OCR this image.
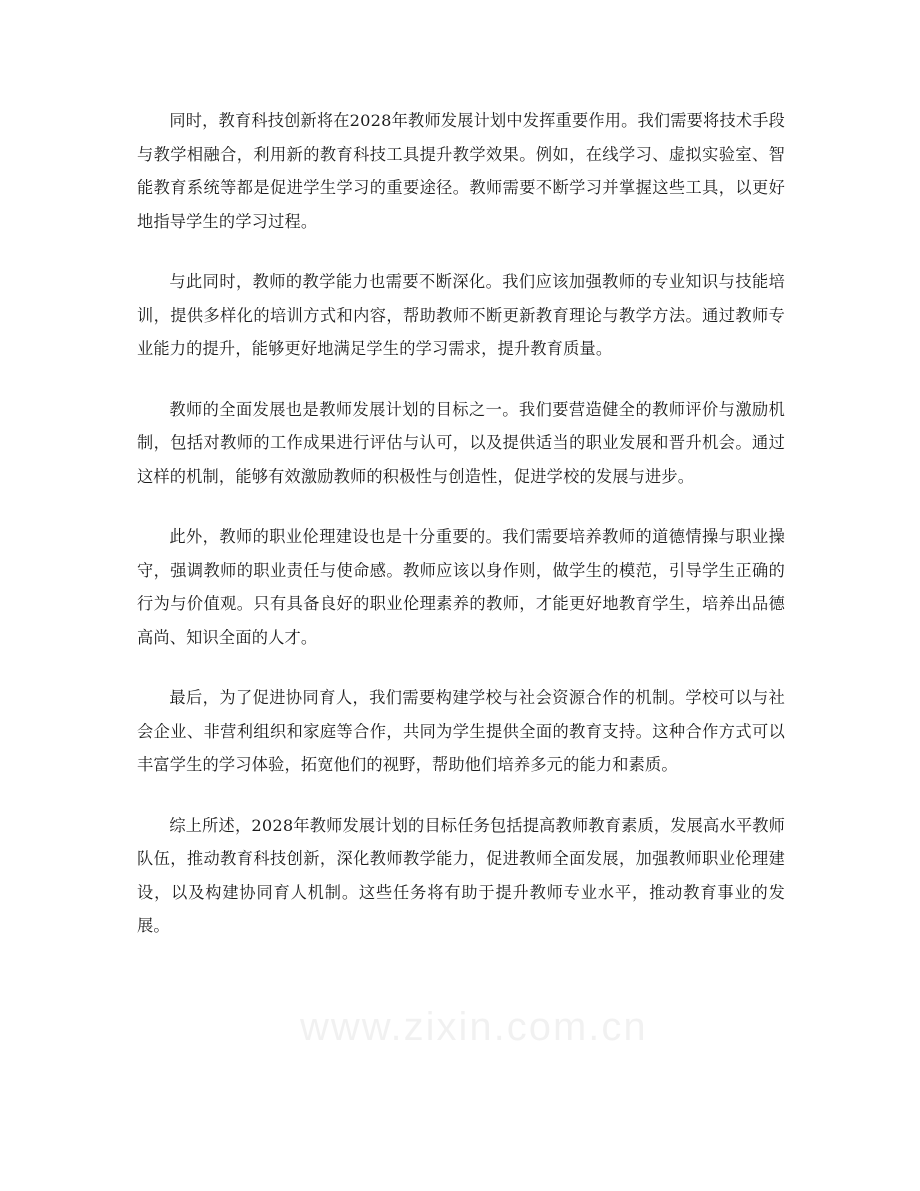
同时，教育科技创新将在2028年教师发展计划中发挥重要作用。我们需要将技术手段与教学相融合，利用新的教育科技工具提升教学效果。例如，在线学习、虚拟实验室、智能教育系统等都是促进学生学习的重要途径。教师需要不断学习并掌握这些工具，以更好地指导学生的学习过程。

与此同时，教师的教学能力也需要不断深化。我们应该加强教师的专业知识与技能培训，提供多样化的培训方式和内容，帮助教师不断更新教育理论与教学方法。通过教师专业能力的提升，能够更好地满足学生的学习需求，提升教育质量。

教师的全面发展也是教师发展计划的目标之一。我们要营造健全的教师评价与激励机制，包括对教师的工作成果进行评估与认可，以及提供适当的职业发展和晋升机会。通过这样的机制，能够有效激励教师的积极性与创造性，促进学校的发展与进步。

此外，教师的职业伦理建设也是十分重要的。我们需要培养教师的道德情操与职业操守，强调教师的职业责任与使命感。教师应该以身作则，做学生的模范，引导学生正确的行为与价值观。只有具备良好的职业伦理素养的教师，才能更好地教育学生，培养出品德高尚、知识全面的人才。

最后，为了促进协同育人，我们需要构建学校与社会资源合作的机制。学校可以与社会企业、非营利组织和家庭等合作，共同为学生提供全面的教育支持。这种合作方式可以丰富学生的学习体验，拓宽他们的视野，帮助他们培养多元的能力和素质。

综上所述，2028年教师发展计划的目标任务包括提高教师教育素质，发展高水平教师队伍，推动教育科技创新，深化教师教学能力，促进教师全面发展，加强教师职业伦理建设，以及构建协同育人机制。这些任务将有助于提升教师专业水平，推动教育事业的发展。

www.zixin.com.cn
